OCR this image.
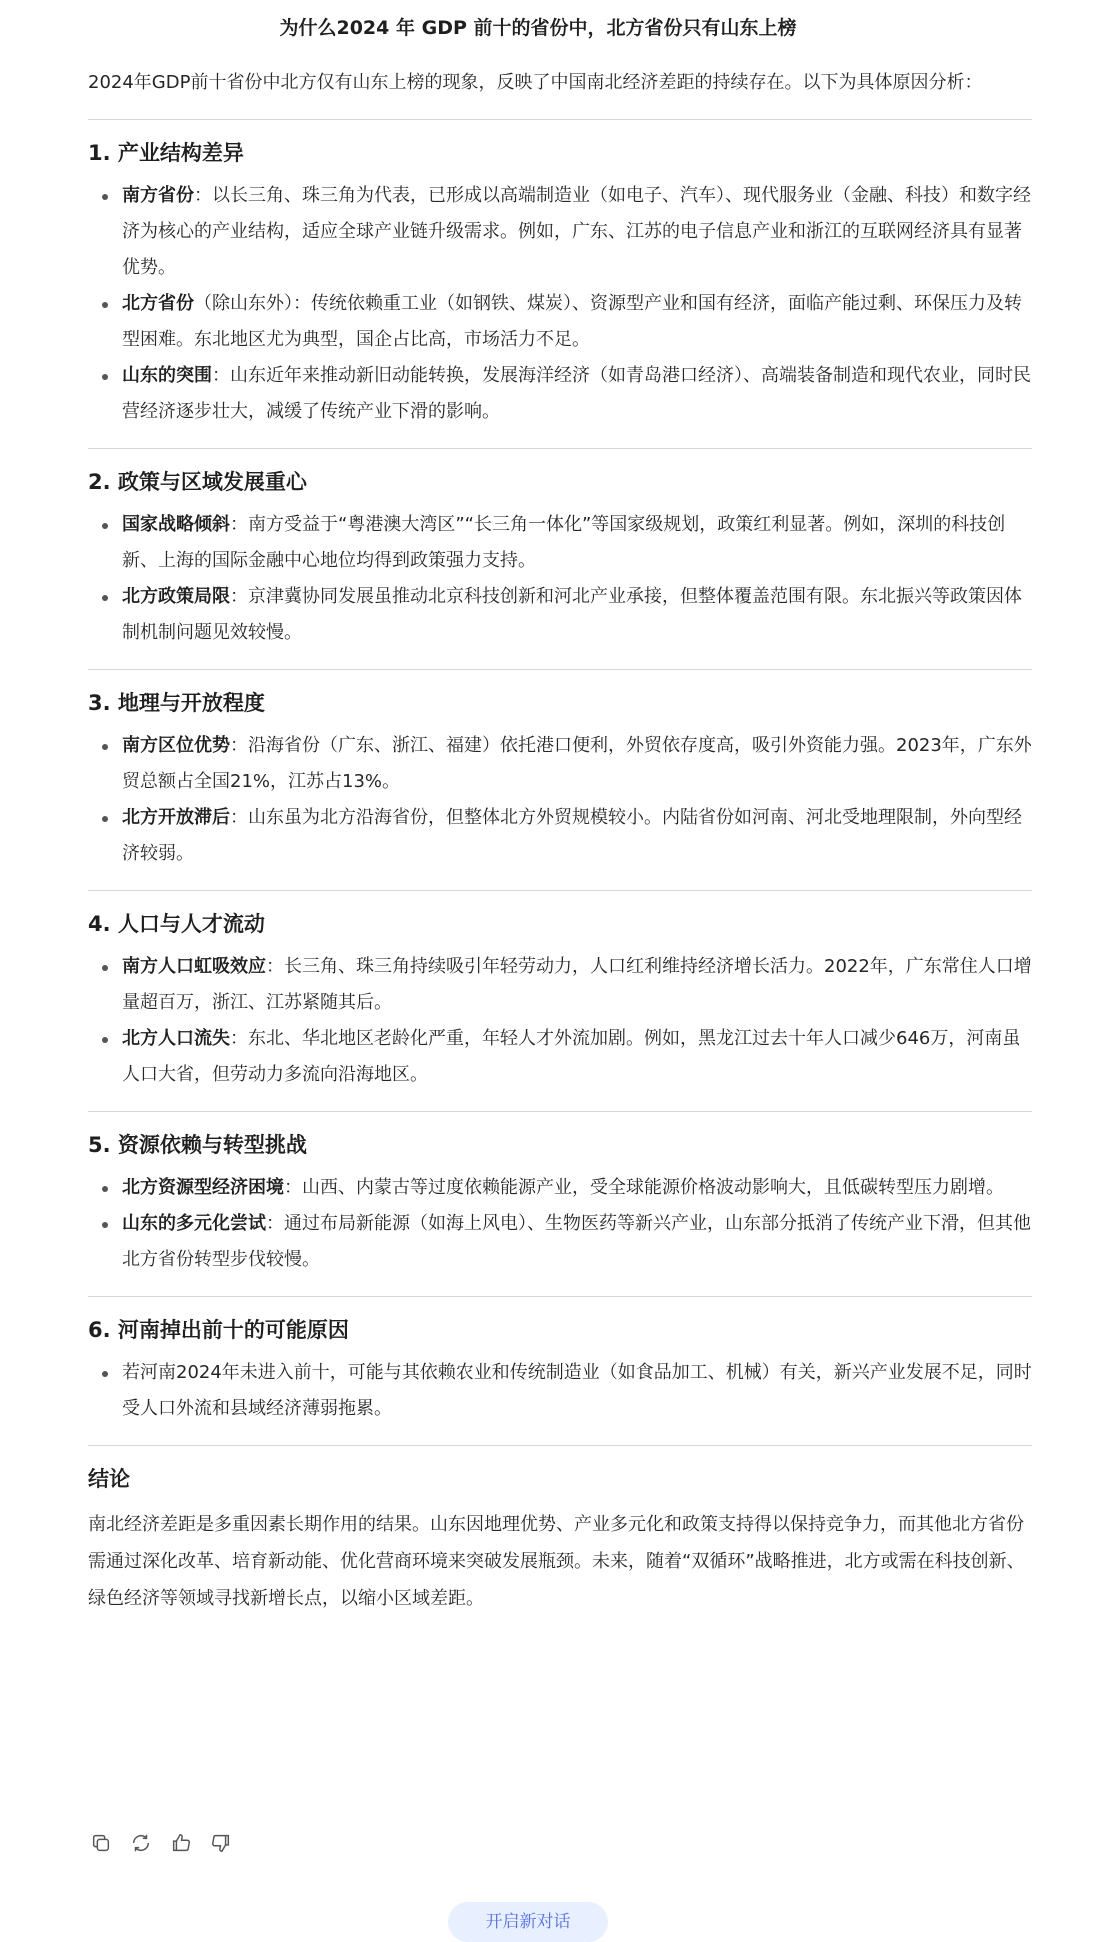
为什么2024 年 GDP 前十的省份中，北方省份只有山东上榜

2024年GDP前十省份中北方仅有山东上榜的现象，反映了中国南北经济差距的持续存在。以下为具体原因分析：

1. 产业结构差异
南方省份：以长三角、珠三角为代表，已形成以高端制造业（如电子、汽车）、现代服务业（金融、科技）和数字经济为核心的产业结构，适应全球产业链升级需求。例如，广东、江苏的电子信息产业和浙江的互联网经济具有显著优势。
北方省份（除山东外）：传统依赖重工业（如钢铁、煤炭）、资源型产业和国有经济，面临产能过剩、环保压力及转型困难。东北地区尤为典型，国企占比高，市场活力不足。
山东的突围：山东近年来推动新旧动能转换，发展海洋经济（如青岛港口经济）、高端装备制造和现代农业，同时民营经济逐步壮大，减缓了传统产业下滑的影响。
2. 政策与区域发展重心
国家战略倾斜：南方受益于“粤港澳大湾区”“长三角一体化”等国家级规划，政策红利显著。例如，深圳的科技创新、上海的国际金融中心地位均得到政策强力支持。
北方政策局限：京津冀协同发展虽推动北京科技创新和河北产业承接，但整体覆盖范围有限。东北振兴等政策因体制机制问题见效较慢。
3. 地理与开放程度
南方区位优势：沿海省份（广东、浙江、福建）依托港口便利，外贸依存度高，吸引外资能力强。2023年，广东外贸总额占全国21%，江苏占13%。
北方开放滞后：山东虽为北方沿海省份，但整体北方外贸规模较小。内陆省份如河南、河北受地理限制，外向型经济较弱。
4. 人口与人才流动
南方人口虹吸效应：长三角、珠三角持续吸引年轻劳动力，人口红利维持经济增长活力。2022年，广东常住人口增量超百万，浙江、江苏紧随其后。
北方人口流失：东北、华北地区老龄化严重，年轻人才外流加剧。例如，黑龙江过去十年人口减少646万，河南虽人口大省，但劳动力多流向沿海地区。
5. 资源依赖与转型挑战
北方资源型经济困境：山西、内蒙古等过度依赖能源产业，受全球能源价格波动影响大，且低碳转型压力剧增。
山东的多元化尝试：通过布局新能源（如海上风电）、生物医药等新兴产业，山东部分抵消了传统产业下滑，但其他北方省份转型步伐较慢。
6. 河南掉出前十的可能原因
若河南2024年未进入前十，可能与其依赖农业和传统制造业（如食品加工、机械）有关，新兴产业发展不足，同时受人口外流和县域经济薄弱拖累。
结论

南北经济差距是多重因素长期作用的结果。山东因地理优势、产业多元化和政策支持得以保持竞争力，而其他北方省份需通过深化改革、培育新动能、优化营商环境来突破发展瓶颈。未来，随着“双循环”战略推进，北方或需在科技创新、绿色经济等领域寻找新增长点，以缩小区域差距。

开启新对话
